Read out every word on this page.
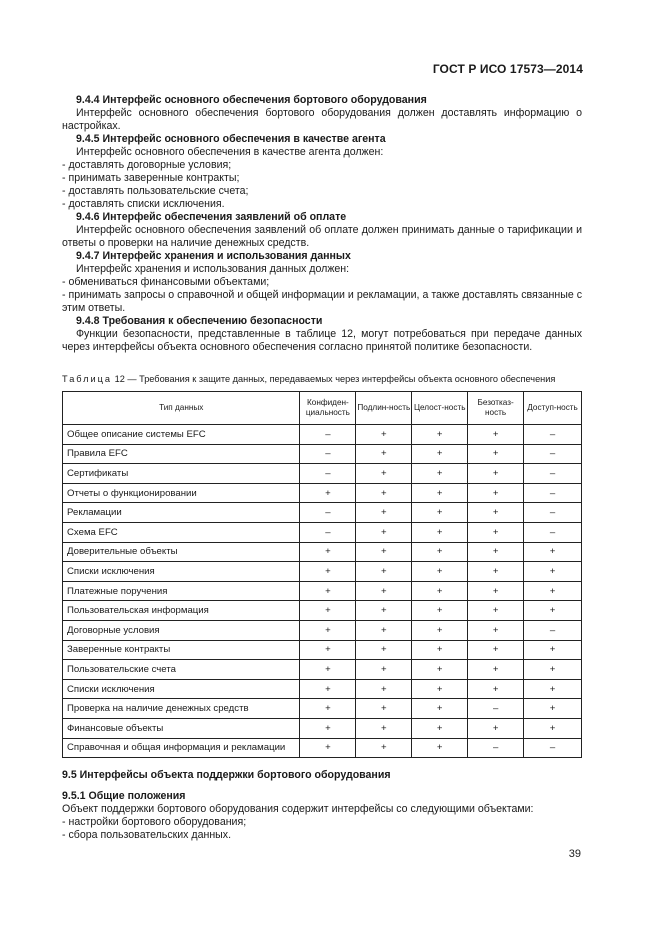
ГОСТ Р ИСО 17573—2014

9.4.4 Интерфейс основного обеспечения бортового оборудования

Интерфейс основного обеспечения бортового оборудования должен доставлять информацию о настройках.

9.4.5 Интерфейс основного обеспечения в качестве агента

Интерфейс основного обеспечения в качестве агента должен:

- доставлять договорные условия;

- принимать заверенные контракты;

- доставлять пользовательские счета;

- доставлять списки исключения.

9.4.6 Интерфейс обеспечения заявлений об оплате

Интерфейс основного обеспечения заявлений об оплате должен принимать данные о тарификации и ответы о проверки на наличие денежных средств.

9.4.7 Интерфейс хранения и использования данных

Интерфейс хранения и использования данных должен:

- обмениваться финансовыми объектами;

- принимать запросы о справочной и общей информации и рекламации, а также доставлять связанные с этим ответы.

9.4.8 Требования к обеспечению безопасности

Функции безопасности, представленные в таблице 12, могут потребоваться при передаче данных через интерфейсы объекта основного обеспечения согласно принятой политике безопасности.

Таблица 12 — Требования к защите данных, передаваемых через интерфейсы объекта основного обеспечения
Тип данных	Конфиден-циальность	Подлин-ность	Целост-ность	Безотказ-ность	Доступ-ность
Общее описание системы EFC	–	+	+	+	–
Правила EFC	–	+	+	+	–
Сертификаты	–	+	+	+	–
Отчеты о функционировании	+	+	+	+	–
Рекламации	–	+	+	+	–
Схема EFC	–	+	+	+	–
Доверительные объекты	+	+	+	+	+
Списки исключения	+	+	+	+	+
Платежные поручения	+	+	+	+	+
Пользовательская информация	+	+	+	+	+
Договорные условия	+	+	+	+	–
Заверенные контракты	+	+	+	+	+
Пользовательские счета	+	+	+	+	+
Списки исключения	+	+	+	+	+
Проверка на наличие денежных средств	+	+	+	–	+
Финансовые объекты	+	+	+	+	+
Справочная и общая информация и рекламации	+	+	+	–	–

9.5 Интерфейсы объекта поддержки бортового оборудования

9.5.1 Общие положения

Объект поддержки бортового оборудования содержит интерфейсы со следующими объектами:

- настройки бортового оборудования;

- сбора пользовательских данных.

39
